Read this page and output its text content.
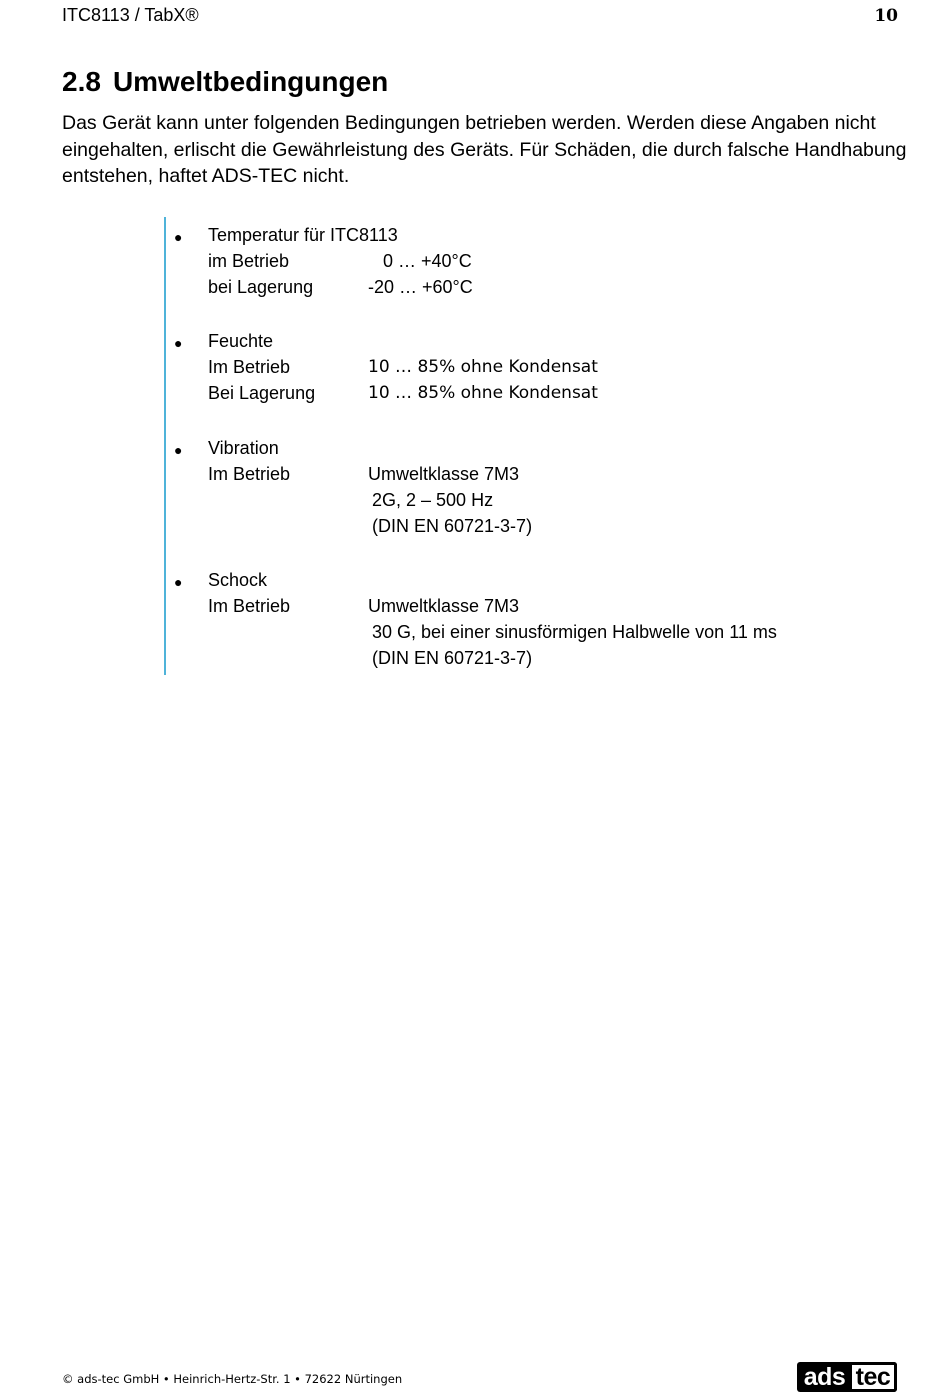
ITC8113 / TabX®	10
2.8 Umweltbedingungen

Das Gerät kann unter folgenden Bedingungen betrieben werden. Werden diese Angaben nicht eingehalten, erlischt die Gewährleistung des Geräts. Für Schäden, die durch falsche Handhabung entstehen, haftet ADS-TEC nicht.

● Temperatur für ITC8113
im Betrieb	0 … +40°C
bei Lagerung	-20 … +60°C
● Feuchte
Im Betrieb	10 … 85% ohne Kondensat
Bei Lagerung	10 … 85% ohne Kondensat
● Vibration
Im Betrieb	Umweltklasse 7M3
2G, 2 – 500 Hz
(DIN EN 60721-3-7)
● Schock
Im Betrieb	Umweltklasse 7M3
30 G, bei einer sinusförmigen Halbwelle von 11 ms
(DIN EN 60721-3-7)
© ads-tec GmbH • Heinrich-Hertz-Str. 1 • 72622 Nürtingen	ads tec
